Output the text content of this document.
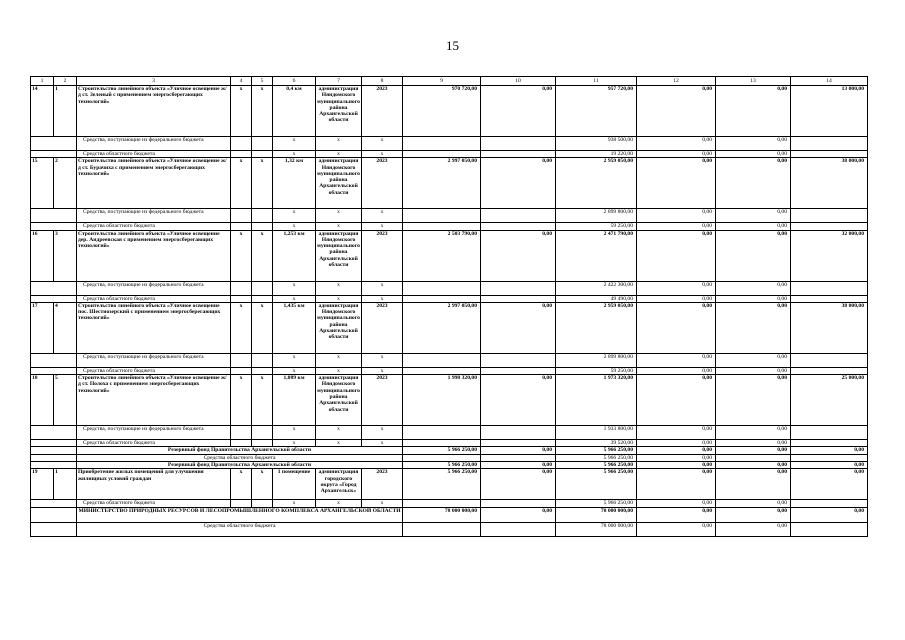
15
1	2	3	4	5	6	7	8	9	10	11	12	13	14
14	1	Строительство линейного объекта «Уличное освещение ж/д ст. Зеленый с применением энергосберегающих технологий»	х	х	0,4 км	администрация Няндомского муниципального района Архангельской области	2023	970 720,00	0,00	957 720,00	0,00	0,00	13 000,00
		Средства, поступающие из федерального бюджета			х	х	х			938 500,00	0,00	0,00	
		Средства областного бюджета			х	х	х			19 220,00	0,00	0,00	
15	2	Строительство линейного объекта «Уличное освещение ж/д ст. Бурачиха с применением энергосберегающих технологий»	х	х	1,32 км	администрация Няндомского муниципального района Архангельской области	2023	2 997 050,00	0,00	2 959 050,00	0,00	0,00	38 000,00
		Средства, поступающие из федерального бюджета			х	х	х			2 899 800,00	0,00	0,00	
		Средства областного бюджета			х	х	х			59 250,00	0,00	0,00	
16	3	Строительство линейного объекта «Уличное освещение дер. Андреевская с применением энергосберегающих технологий»	х	х	1,253 км	администрация Няндомского муниципального района Архангельской области	2023	2 503 790,00	0,00	2 471 790,00	0,00	0,00	32 000,00
		Средства, поступающие из федерального бюджета			х	х	х			2 422 300,00	0,00	0,00	
		Средства областного бюджета			х	х	х			49 490,00	0,00	0,00	
17	4	Строительство линейного объекта «Уличное освещение пос. Шестиозерский с применением энергосберегающих технологий»	х	х	1,435 км	администрация Няндомского муниципального района Архангельской области	2023	2 997 050,00	0,00	2 959 050,00	0,00	0,00	38 000,00
		Средства, поступающие из федерального бюджета			х	х	х			2 899 800,00	0,00	0,00	
		Средства областного бюджета			х	х	х			59 250,00	0,00	0,00	
18	5	Строительство линейного объекта «Уличное освещение ж/д ст. Полоха с применением энергосберегающих технологий»	х	х	1,089 км	администрация Няндомского муниципального района Архангельской области	2023	1 998 320,00	0,00	1 973 320,00	0,00	0,00	25 000,00
		Средства, поступающие из федерального бюджета			х	х	х			1 933 800,00	0,00	0,00	
		Средства областного бюджета			х	х	х			39 520,00	0,00	0,00	
		Резервный фонд Правительства Архангельской области						5 966 250,00	0,00	5 966 250,00	0,00	0,00	0,00
		Средства областного бюджета								5 966 250,00	0,00		
		Резервный фонд Правительства Архангельской области						5 966 250,00	0,00	5 966 250,00	0,00	0,00	0,00
19	1	Приобретение жилых помещений для улучшения жилищных условий граждан	х	х	1 помещение	администрация городского округа «Город Архангельск»	2023	5 966 250,00	0,00	5 966 250,00	0,00	0,00	0,00
		Средства областного бюджета			х	х	х			5 966 250,00	0,00	0,00	
		МИНИСТЕРСТВО ПРИРОДНЫХ РЕСУРСОВ И ЛЕСОПРОМЫШЛЕННОГО КОМПЛЕКСА АРХАНГЕЛЬСКОЙ ОБЛАСТИ						78 000 000,00	0,00	78 000 000,00	0,00	0,00	0,00
		Средства областного бюджета								78 000 000,00	0,00	0,00	
